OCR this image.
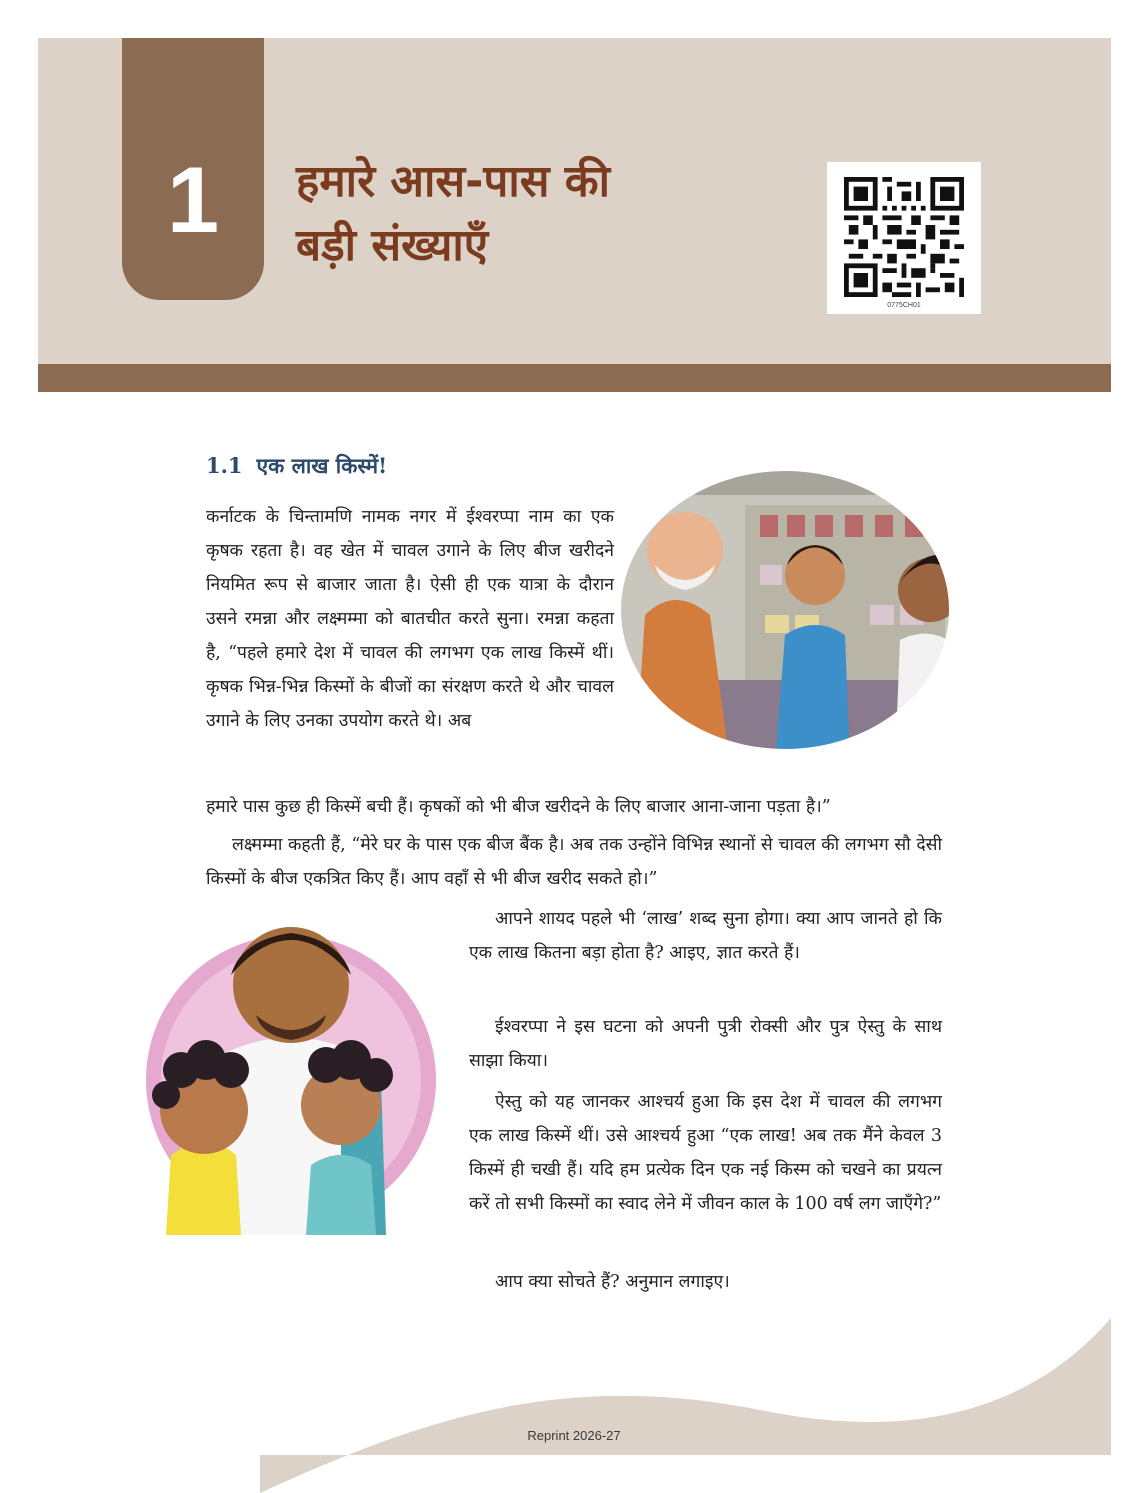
1	हमारे आस-पास की
बड़ी संख्याएँ
0775CH01
1.1 एक लाख किस्में!

कर्नाटक के चिन्तामणि नामक नगर में ईश्वरप्पा नाम का एक कृषक रहता है। वह खेत में चावल उगाने के लिए बीज खरीदने नियमित रूप से बाजार जाता है। ऐसी ही एक यात्रा के दौरान उसने रमन्ना और लक्ष्मम्मा को बातचीत करते सुना। रमन्ना कहता है, “पहले हमारे देश में चावल की लगभग एक लाख किस्में थीं। कृषक भिन्न-भिन्न किस्मों के बीजों का संरक्षण करते थे और चावल उगाने के लिए उनका उपयोग करते थे। अब

हमारे पास कुछ ही किस्में बची हैं। कृषकों को भी बीज खरीदने के लिए बाजार आना-जाना पड़ता है।”

लक्ष्मम्मा कहती हैं, “मेरे घर के पास एक बीज बैंक है। अब तक उन्होंने विभिन्न स्थानों से चावल की लगभग सौ देसी किस्मों के बीज एकत्रित किए हैं। आप वहाँ से भी बीज खरीद सकते हो।”

आपने शायद पहले भी ‘लाख’ शब्द सुना होगा। क्या आप जानते हो कि एक लाख कितना बड़ा होता है? आइए, ज्ञात करते हैं।

ईश्वरप्पा ने इस घटना को अपनी पुत्री रोक्सी और पुत्र ऐस्तु के साथ साझा किया।

ऐस्तु को यह जानकर आश्चर्य हुआ कि इस देश में चावल की लगभग एक लाख किस्में थीं। उसे आश्चर्य हुआ “एक लाख! अब तक मैंने केवल 3 किस्में ही चखी हैं। यदि हम प्रत्येक दिन एक नई किस्म को चखने का प्रयत्न करें तो सभी किस्मों का स्वाद लेने में जीवन काल के 100 वर्ष लग जाएँगे?”

आप क्या सोचते हैं? अनुमान लगाइए।

Reprint 2026-27
